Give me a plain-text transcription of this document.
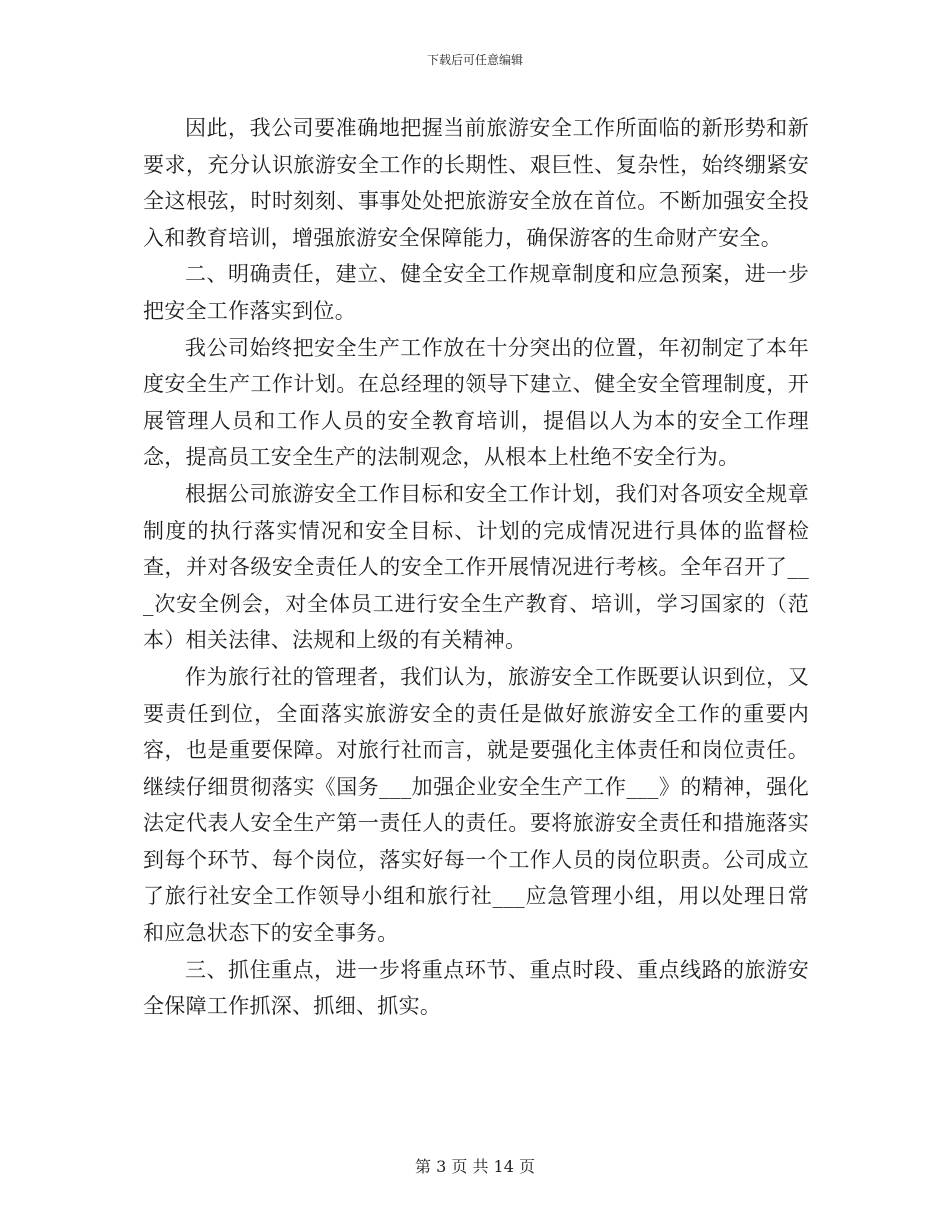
下载后可任意编辑

因此，我公司要准确地把握当前旅游安全工作所面临的新形势和新要求，充分认识旅游安全工作的长期性、艰巨性、复杂性，始终绷紧安全这根弦，时时刻刻、事事处处把旅游安全放在首位。不断加强安全投入和教育培训，增强旅游安全保障能力，确保游客的生命财产安全。

二、明确责任，建立、健全安全工作规章制度和应急预案，进一步把安全工作落实到位。

我公司始终把安全生产工作放在十分突出的位置，年初制定了本年度安全生产工作计划。在总经理的领导下建立、健全安全管理制度，开展管理人员和工作人员的安全教育培训，提倡以人为本的安全工作理念，提高员工安全生产的法制观念，从根本上杜绝不安全行为。

根据公司旅游安全工作目标和安全工作计划，我们对各项安全规章制度的执行落实情况和安全目标、计划的完成情况进行具体的监督检查，并对各级安全责任人的安全工作开展情况进行考核。全年召开了___次安全例会，对全体员工进行安全生产教育、培训，学习国家的（范本）相关法律、法规和上级的有关精神。

作为旅行社的管理者，我们认为，旅游安全工作既要认识到位，又要责任到位，全面落实旅游安全的责任是做好旅游安全工作的重要内容，也是重要保障。对旅行社而言，就是要强化主体责任和岗位责任。继续仔细贯彻落实《国务___加强企业安全生产工作___》的精神，强化法定代表人安全生产第一责任人的责任。要将旅游安全责任和措施落实到每个环节、每个岗位，落实好每一个工作人员的岗位职责。公司成立了旅行社安全工作领导小组和旅行社___应急管理小组，用以处理日常和应急状态下的安全事务。

三、抓住重点，进一步将重点环节、重点时段、重点线路的旅游安全保障工作抓深、抓细、抓实。

第 3 页 共 14 页
